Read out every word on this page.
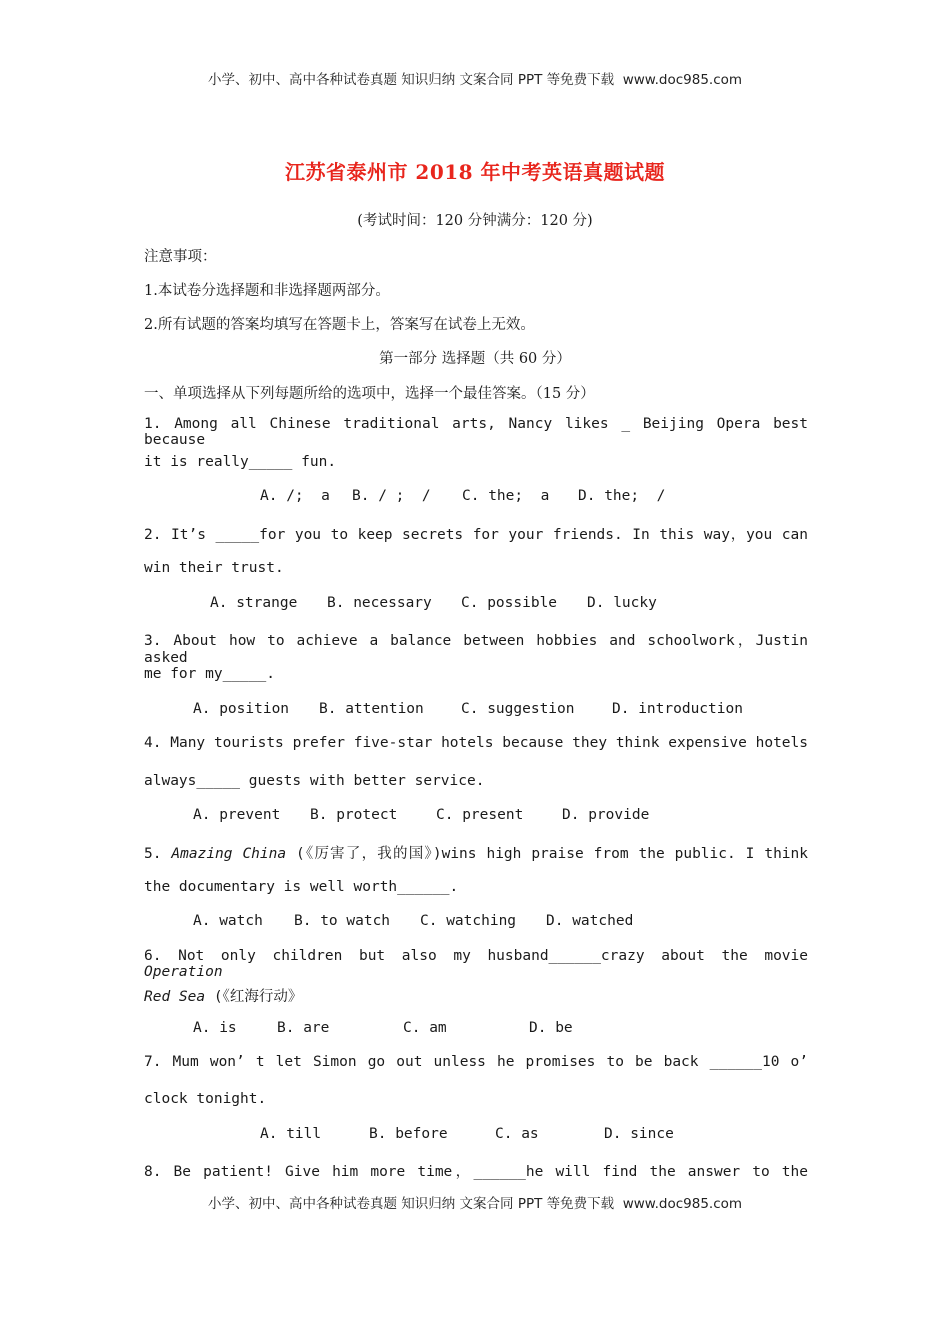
小学、初中、高中各种试卷真题 知识归纳 文案合同 PPT 等免费下载  www.doc985.com
江苏省泰州市 2018 年中考英语真题试题
(考试时间：120 分钟满分：120 分)
注意事项：
1.本试卷分选择题和非选择题两部分。
2.所有试题的答案均填写在答题卡上，答案写在试卷上无效。
第一部分 选择题（共 60 分）
一、单项选择从下列每题所给的选项中，选择一个最佳答案。（15 分）
1. Among all Chinese traditional arts, Nancy likes _ Beijing Opera best because
it is really_____ fun.
A. /;  a	B. / ;  /	C. the;  a	D. the;  /
2. It’s _____for you to keep secrets for your friends. In this way，you can
win their trust.
A. strange	B. necessary	C. possible	D. lucky
3. About how to achieve a balance between hobbies and schoolwork，Justin asked
me for my_____.
A. position	B. attention	C. suggestion	D. introduction
4. Many tourists prefer five-star hotels because they think expensive hotels
always_____ guests with better service.
A. prevent	B. protect	C. present	D. provide
5. Amazing China (《厉害了，我的国》)wins high praise from the public. I think
the documentary is well worth______.
A. watch	B. to watch	C. watching	D. watched
6. Not only children but also my husband______crazy about the movie Operation
Red Sea (《红海行动》
A. is	B. are	C. am	D. be
7. Mum won’ t let Simon go out unless he promises to be back ______10 o’
clock tonight.
A. till	B. before	C. as	D. since
8. Be patient! Give him more time，______he will find the answer to the
小学、初中、高中各种试卷真题 知识归纳 文案合同 PPT 等免费下载  www.doc985.com
